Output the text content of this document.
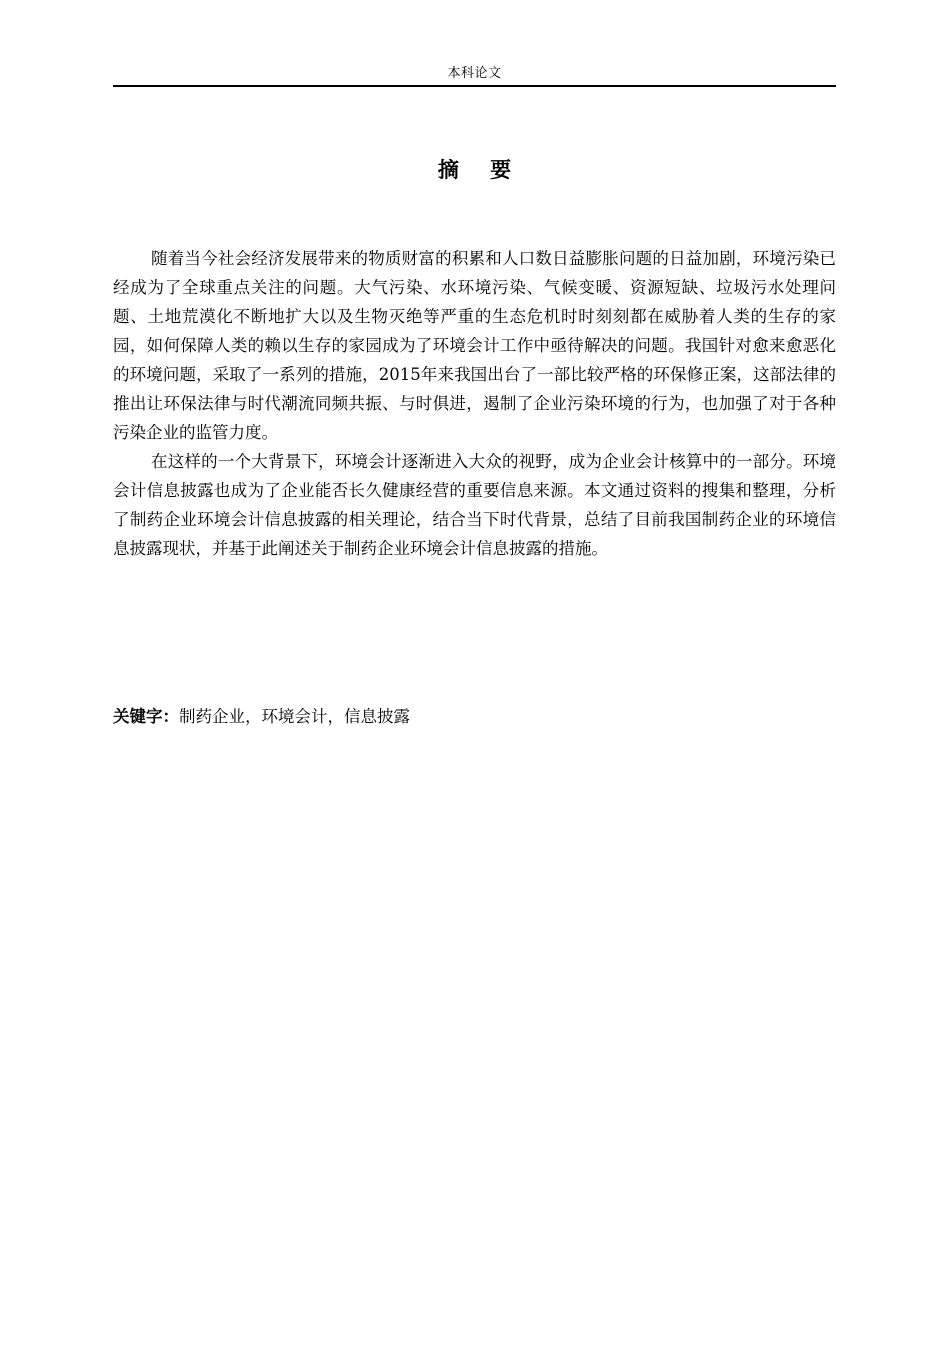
本科论文
摘 要

随着当今社会经济发展带来的物质财富的积累和人口数日益膨胀问题的日益加剧，环境污染已经成为了全球重点关注的问题。大气污染、水环境污染、气候变暖、资源短缺、垃圾污水处理问题、土地荒漠化不断地扩大以及生物灭绝等严重的生态危机时时刻刻都在威胁着人类的生存的家园，如何保障人类的赖以生存的家园成为了环境会计工作中亟待解决的问题。我国针对愈来愈恶化的环境问题，采取了一系列的措施，2015年来我国出台了一部比较严格的环保修正案，这部法律的推出让环保法律与时代潮流同频共振、与时俱进，遏制了企业污染环境的行为，也加强了对于各种污染企业的监管力度。

在这样的一个大背景下，环境会计逐渐进入大众的视野，成为企业会计核算中的一部分。环境会计信息披露也成为了企业能否长久健康经营的重要信息来源。本文通过资料的搜集和整理，分析了制药企业环境会计信息披露的相关理论，结合当下时代背景，总结了目前我国制药企业的环境信息披露现状，并基于此阐述关于制药企业环境会计信息披露的措施。

关键字：制药企业，环境会计，信息披露
